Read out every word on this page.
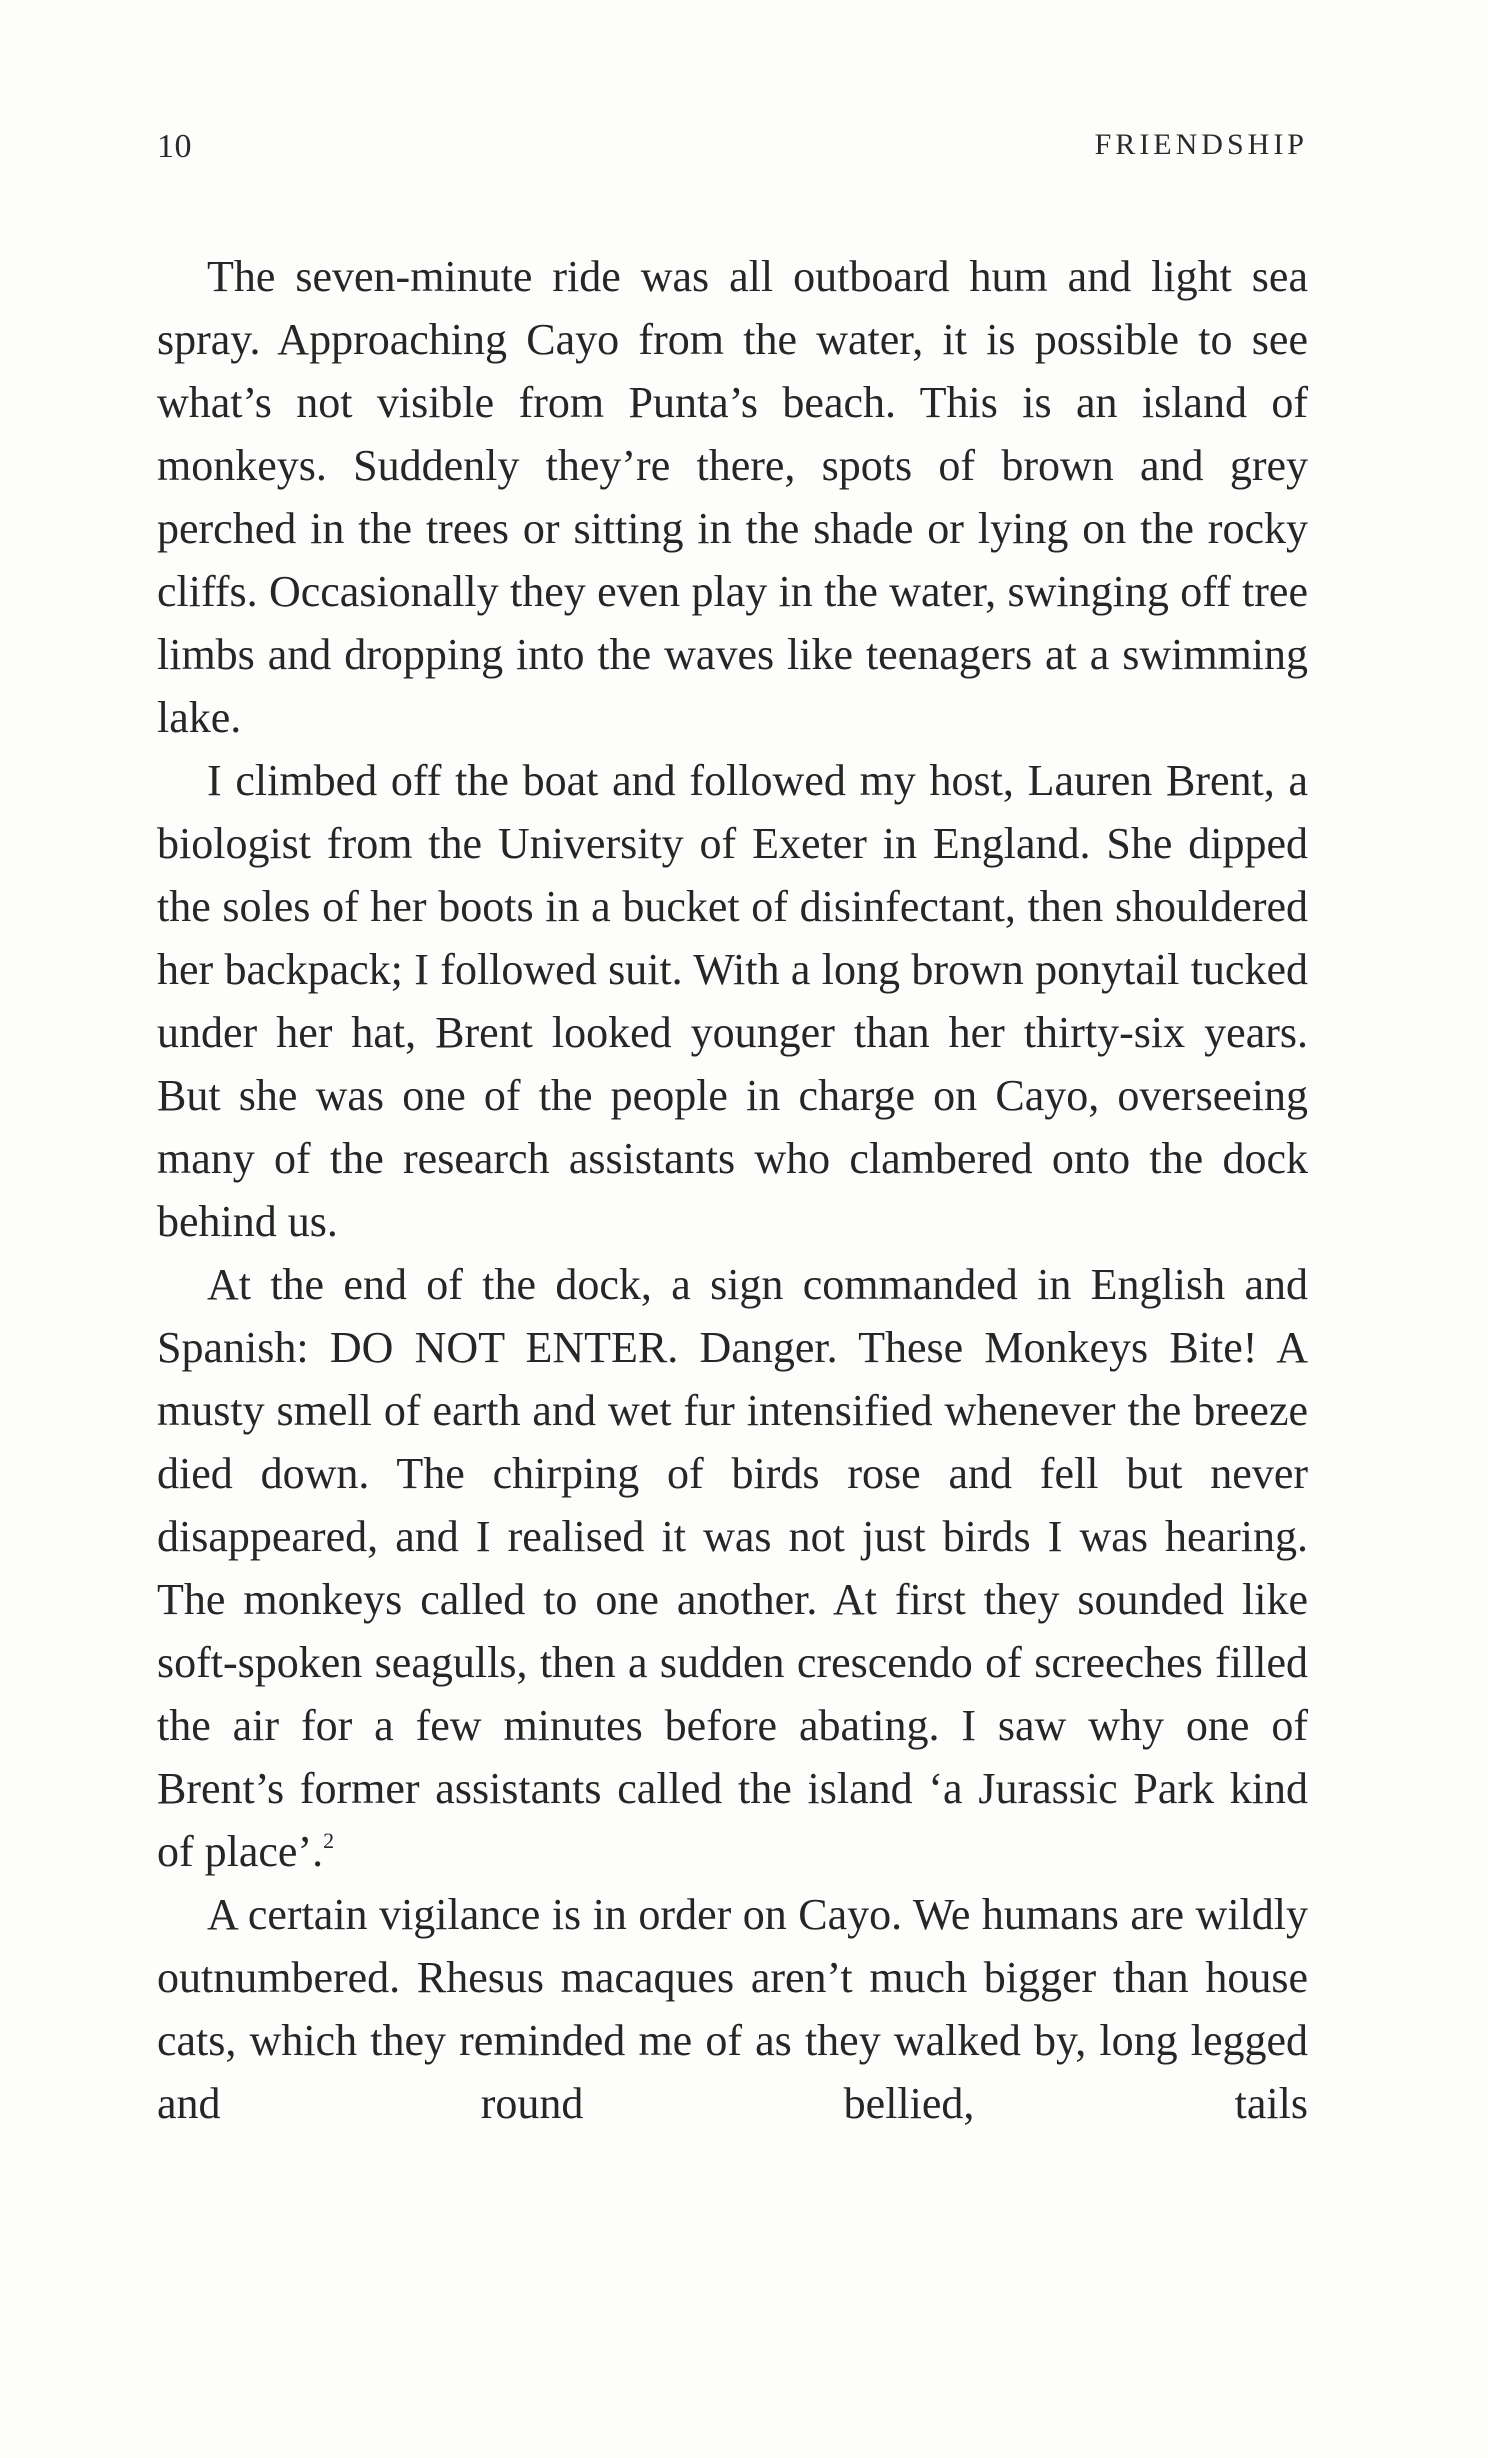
10	FRIENDSHIP

The seven-minute ride was all outboard hum and light sea spray. Approaching Cayo from the water, it is possible to see what’s not visible from Punta’s beach. This is an island of monkeys. Suddenly they’re there, spots of brown and grey perched in the trees or sitting in the shade or lying on the rocky cliffs. Occasionally they even play in the water, swinging off tree limbs and dropping into the waves like teenagers at a swimming lake.

I climbed off the boat and followed my host, Lauren Brent, a biologist from the University of Exeter in England. She dipped the soles of her boots in a bucket of disinfectant, then shouldered her backpack; I followed suit. With a long brown ponytail tucked under her hat, Brent looked younger than her thirty-six years. But she was one of the people in charge on Cayo, overseeing many of the research assistants who clambered onto the dock behind us.

At the end of the dock, a sign commanded in English and Spanish: DO NOT ENTER. Danger. These Monkeys Bite! A musty smell of earth and wet fur intensified whenever the breeze died down. The chirping of birds rose and fell but never disappeared, and I realised it was not just birds I was hearing. The monkeys called to one another. At first they sounded like soft-spoken seagulls, then a sudden crescendo of screeches filled the air for a few minutes before abating. I saw why one of Brent’s former assistants called the island ‘a Jurassic Park kind of place’.$^2$

A certain vigilance is in order on Cayo. We humans are wildly outnumbered. Rhesus macaques aren’t much bigger than house cats, which they reminded me of as they walked by, long legged and round bellied, tails
